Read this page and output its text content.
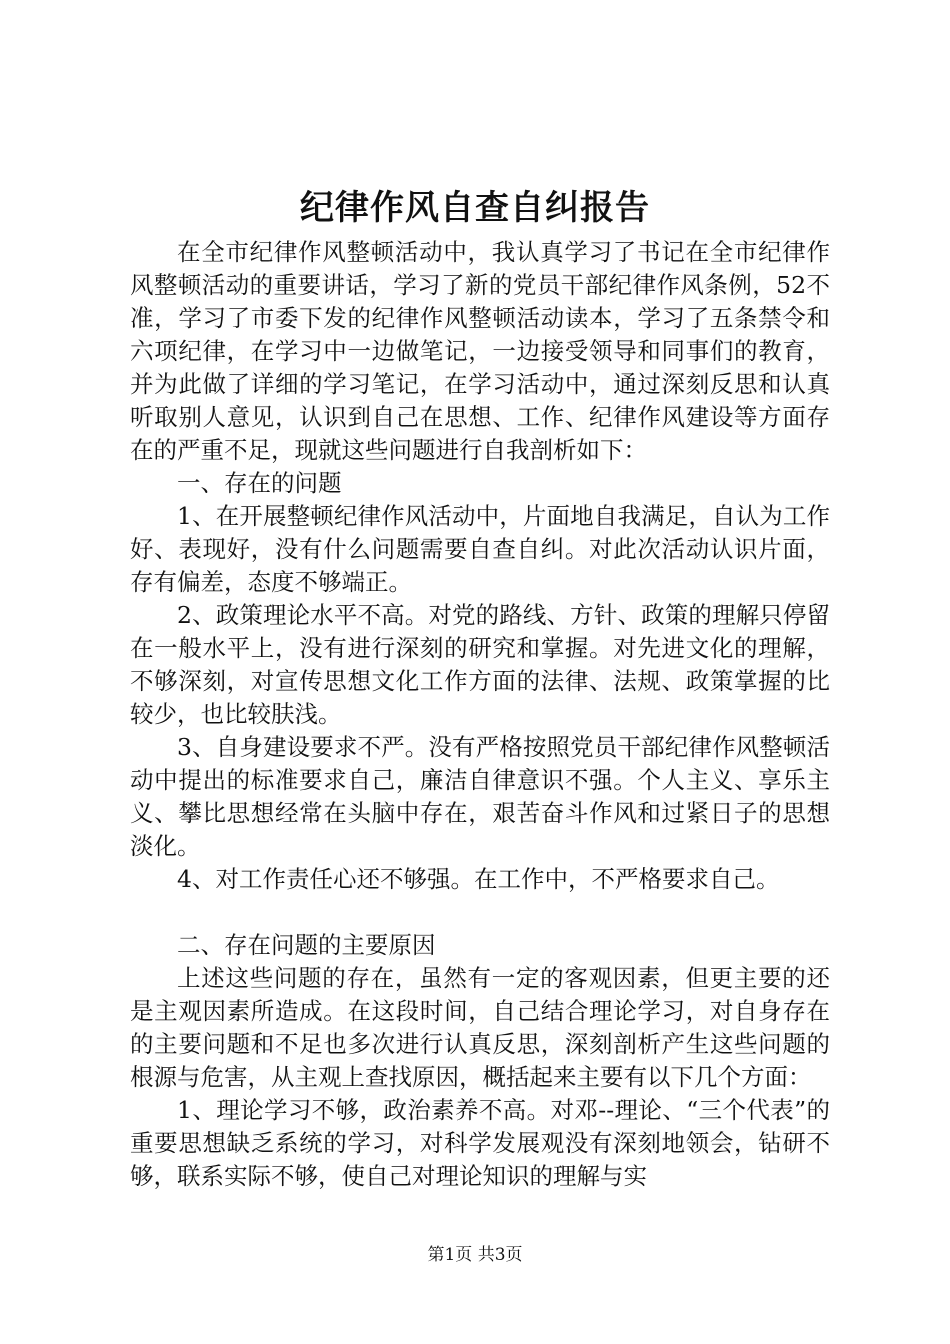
纪律作风自查自纠报告

在全市纪律作风整顿活动中，我认真学习了书记在全市纪律作风整顿活动的重要讲话，学习了新的党员干部纪律作风条例，52不准，学习了市委下发的纪律作风整顿活动读本，学习了五条禁令和六项纪律，在学习中一边做笔记，一边接受领导和同事们的教育，并为此做了详细的学习笔记，在学习活动中，通过深刻反思和认真听取别人意见，认识到自己在思想、工作、纪律作风建设等方面存在的严重不足，现就这些问题进行自我剖析如下：

一、存在的问题

1、在开展整顿纪律作风活动中，片面地自我满足，自认为工作好、表现好，没有什么问题需要自查自纠。对此次活动认识片面，存有偏差，态度不够端正。

2、政策理论水平不高。对党的路线、方针、政策的理解只停留在一般水平上，没有进行深刻的研究和掌握。对先进文化的理解，不够深刻，对宣传思想文化工作方面的法律、法规、政策掌握的比较少，也比较肤浅。

3、自身建设要求不严。没有严格按照党员干部纪律作风整顿活动中提出的标准要求自己，廉洁自律意识不强。个人主义、享乐主义、攀比思想经常在头脑中存在，艰苦奋斗作风和过紧日子的思想淡化。

4、对工作责任心还不够强。在工作中，不严格要求自己。

二、存在问题的主要原因

上述这些问题的存在，虽然有一定的客观因素，但更主要的还是主观因素所造成。在这段时间，自己结合理论学习，对自身存在的主要问题和不足也多次进行认真反思，深刻剖析产生这些问题的根源与危害，从主观上查找原因，概括起来主要有以下几个方面：

1、理论学习不够，政治素养不高。对邓--理论、“三个代表”的重要思想缺乏系统的学习，对科学发展观没有深刻地领会，钻研不够，联系实际不够，使自己对理论知识的理解与实

第1页 共3页
